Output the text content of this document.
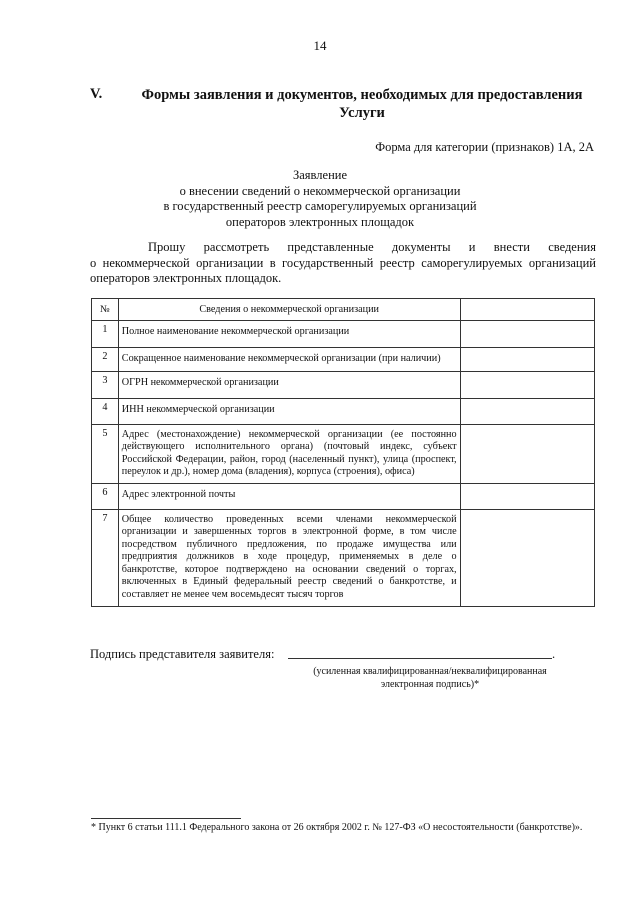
14
V.	Формы заявления и документов, необходимых для предоставления Услуги
Форма для категории (признаков) 1А, 2А
Заявление
о внесении сведений о некоммерческой организации
в государственный реестр саморегулируемых организаций
операторов электронных площадок
Прошу рассмотреть представленные документы и внести сведения
о некоммерческой организации в государственный реестр саморегулируемых организаций операторов электронных площадок.
№	Сведения о некоммерческой организации	
1	Полное наименование некоммерческой организации	
2	Сокращенное наименование некоммерческой организации (при наличии)	
3	ОГРН некоммерческой организации	
4	ИНН некоммерческой организации	
5	Адрес (местонахождение) некоммерческой организации (ее постоянно действующего исполнительного органа) (почтовый индекс, субъект Российской Федерации, район, город (населенный пункт), улица (проспект, переулок и др.), номер дома (владения), корпуса (строения), офиса)	
6	Адрес электронной почты	
7	Общее количество проведенных всеми членами некоммерческой организации и завершенных торгов в электронной форме, в том числе посредством публичного предложения, по продаже имущества или предприятия должников в ходе процедур, применяемых в деле о банкротстве, которое подтверждено на основании сведений о торгах, включенных в Единый федеральный реестр сведений о банкротстве, и составляет не менее чем восемьдесят тысяч торгов	
Подпись представителя заявителя:	.
(усиленная квалифицированная/неквалифицированная
электронная подпись)*
* Пункт 6 статьи 111.1 Федерального закона от 26 октября 2002 г. № 127-ФЗ «О несостоятельности (банкротстве)».
